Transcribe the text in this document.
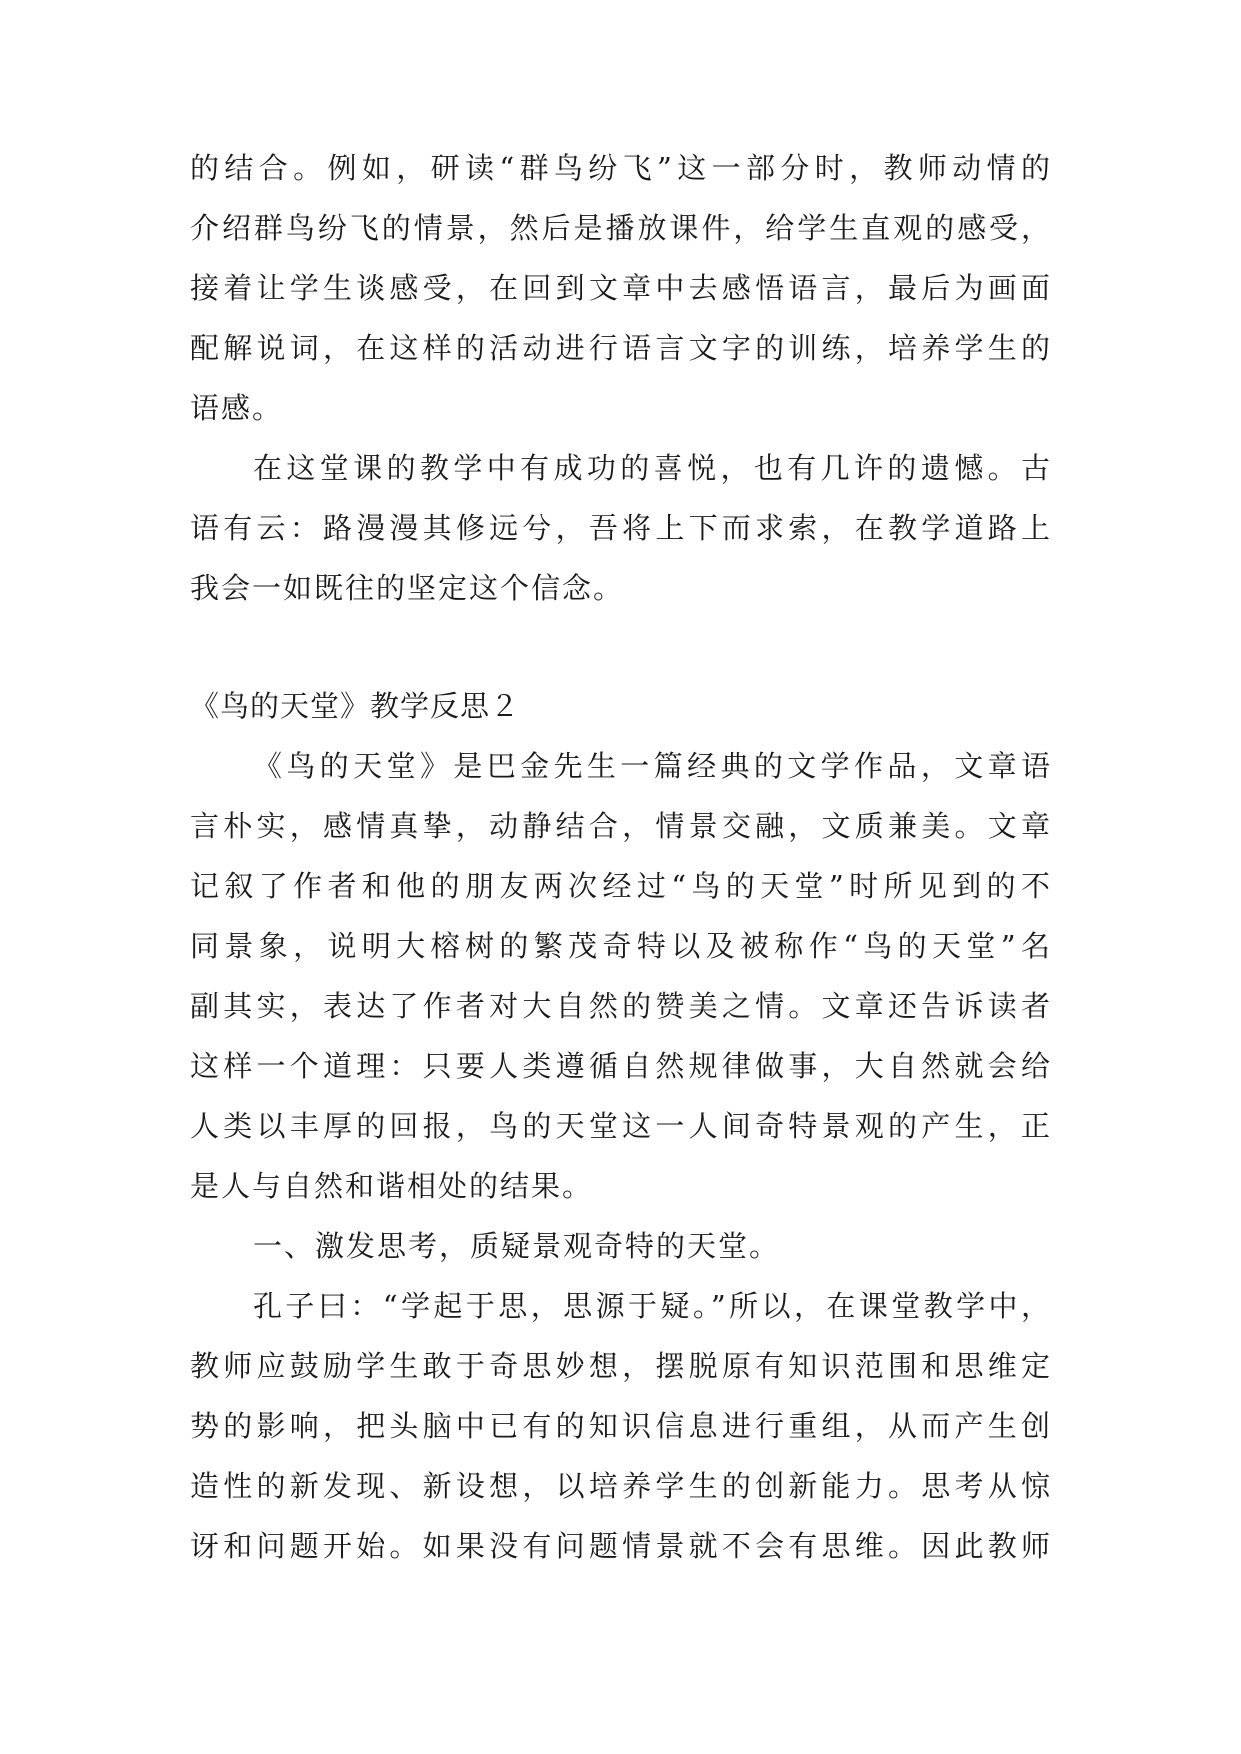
的结合。例如，研读“群鸟纷飞”这一部分时，教师动情的
介绍群鸟纷飞的情景，然后是播放课件，给学生直观的感受，
接着让学生谈感受，在回到文章中去感悟语言，最后为画面
配解说词，在这样的活动进行语言文字的训练，培养学生的
语感。
在这堂课的教学中有成功的喜悦，也有几许的遗憾。古
语有云：路漫漫其修远兮，吾将上下而求索，在教学道路上
我会一如既往的坚定这个信念。
《鸟的天堂》教学反思２
《鸟的天堂》是巴金先生一篇经典的文学作品，文章语
言朴实，感情真挚，动静结合，情景交融，文质兼美。文章
记叙了作者和他的朋友两次经过“鸟的天堂”时所见到的不
同景象，说明大榕树的繁茂奇特以及被称作“鸟的天堂”名
副其实，表达了作者对大自然的赞美之情。文章还告诉读者
这样一个道理：只要人类遵循自然规律做事，大自然就会给
人类以丰厚的回报，鸟的天堂这一人间奇特景观的产生，正
是人与自然和谐相处的结果。
一、激发思考，质疑景观奇特的天堂。
孔子曰：“学起于思，思源于疑。”所以，在课堂教学中，
教师应鼓励学生敢于奇思妙想，摆脱原有知识范围和思维定
势的影响，把头脑中已有的知识信息进行重组，从而产生创
造性的新发现、新设想，以培养学生的创新能力。思考从惊
讶和问题开始。如果没有问题情景就不会有思维。因此教师
